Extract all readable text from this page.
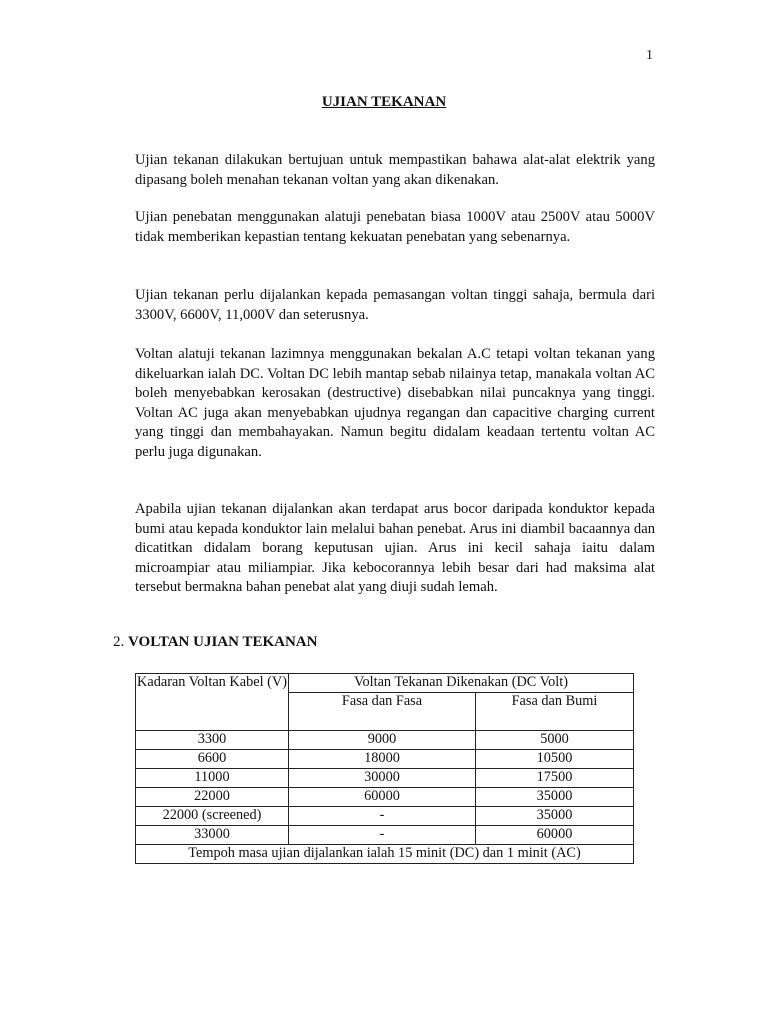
1
UJIAN TEKANAN

Ujian tekanan dilakukan bertujuan untuk mempastikan bahawa alat-alat elektrik yang dipasang boleh menahan tekanan voltan yang akan dikenakan.

Ujian penebatan menggunakan alatuji penebatan biasa 1000V atau 2500V atau 5000V tidak memberikan kepastian tentang kekuatan penebatan yang sebenarnya.

Ujian tekanan perlu dijalankan kepada pemasangan voltan tinggi sahaja, bermula dari 3300V, 6600V, 11,000V dan seterusnya.

Voltan alatuji tekanan lazimnya menggunakan bekalan A.C tetapi voltan tekanan yang dikeluarkan ialah DC. Voltan DC lebih mantap sebab nilainya tetap, manakala voltan AC boleh menyebabkan kerosakan (destructive) disebabkan nilai puncaknya yang tinggi. Voltan AC juga akan menyebabkan ujudnya regangan dan capacitive charging current yang tinggi dan membahayakan. Namun begitu didalam keadaan tertentu voltan AC perlu juga digunakan.

Apabila ujian tekanan dijalankan akan terdapat arus bocor daripada konduktor kepada bumi atau kepada konduktor lain melalui bahan penebat. Arus ini diambil bacaannya dan dicatitkan didalam borang keputusan ujian. Arus ini kecil sahaja iaitu dalam microampiar atau miliampiar. Jika kebocorannya lebih besar dari had maksima alat tersebut bermakna bahan penebat alat yang diuji sudah lemah.

2. VOLTAN UJIAN TEKANAN
Kadaran Voltan Kabel (V)	Voltan Tekanan Dikenakan (DC Volt)	
	Fasa dan Fasa	Fasa dan Bumi
3300	9000	5000
6600	18000	10500
11000	30000	17500
22000	60000	35000
22000 (screened)	-	35000
33000	-	60000
Tempoh masa ujian dijalankan ialah 15 minit (DC) dan 1 minit (AC)		
